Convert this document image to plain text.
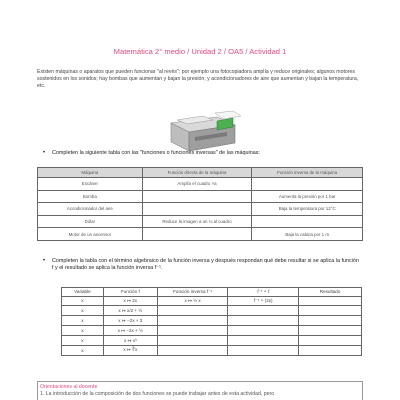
Matemática 2° medio / Unidad 2 / OA5 / Actividad 1
Existen máquinas o aparatos que pueden funcionar "al revés"; por ejemplo una fotocopiadora amplía y reduce originales; algunos motores sostenidos en los sonidos; hay bombas que aumentan y bajan la presión; y acondicionadores de aire que aumentan y bajan la temperatura, etc.
• Completen la siguiente tabla con las "funciones o funciones inversas" de las máquinas:
Máquina	Función directa de la máquina	Función inversa de la máquina
Escáner	Amplía el cuadro ×a	
Bomba		Aumenta la presión por 1 bar
Acondicionador del aire		Baja la temperatura por 12°C
Dólar	Reduce la imagen a un ¼ al cuadro	
Motor de un ascensor		Baja la cabina por 1 m
• Completen la tabla con el término algebraico de la función inversa y después respondan qué debe resultar si se aplica la función f y el resultado se aplica la función inversa f⁻¹.
Variable	Función f	Función inversa f⁻¹	f⁻¹ ∘ f	Resultado
x	x ↦ 2x	x ↦ ½ x	f⁻¹ ∘ (2x)	
x	x ↦ x/2 + ½			
x	x ↦ −2x + 3			
x	x ↦ −2x + ½			
x	x ↦ x³			
x	x ↦ ∛x			
Orientaciones al docente
1. La introducción de la composición de dos funciones se puede trabajar antes de esta actividad, pero
